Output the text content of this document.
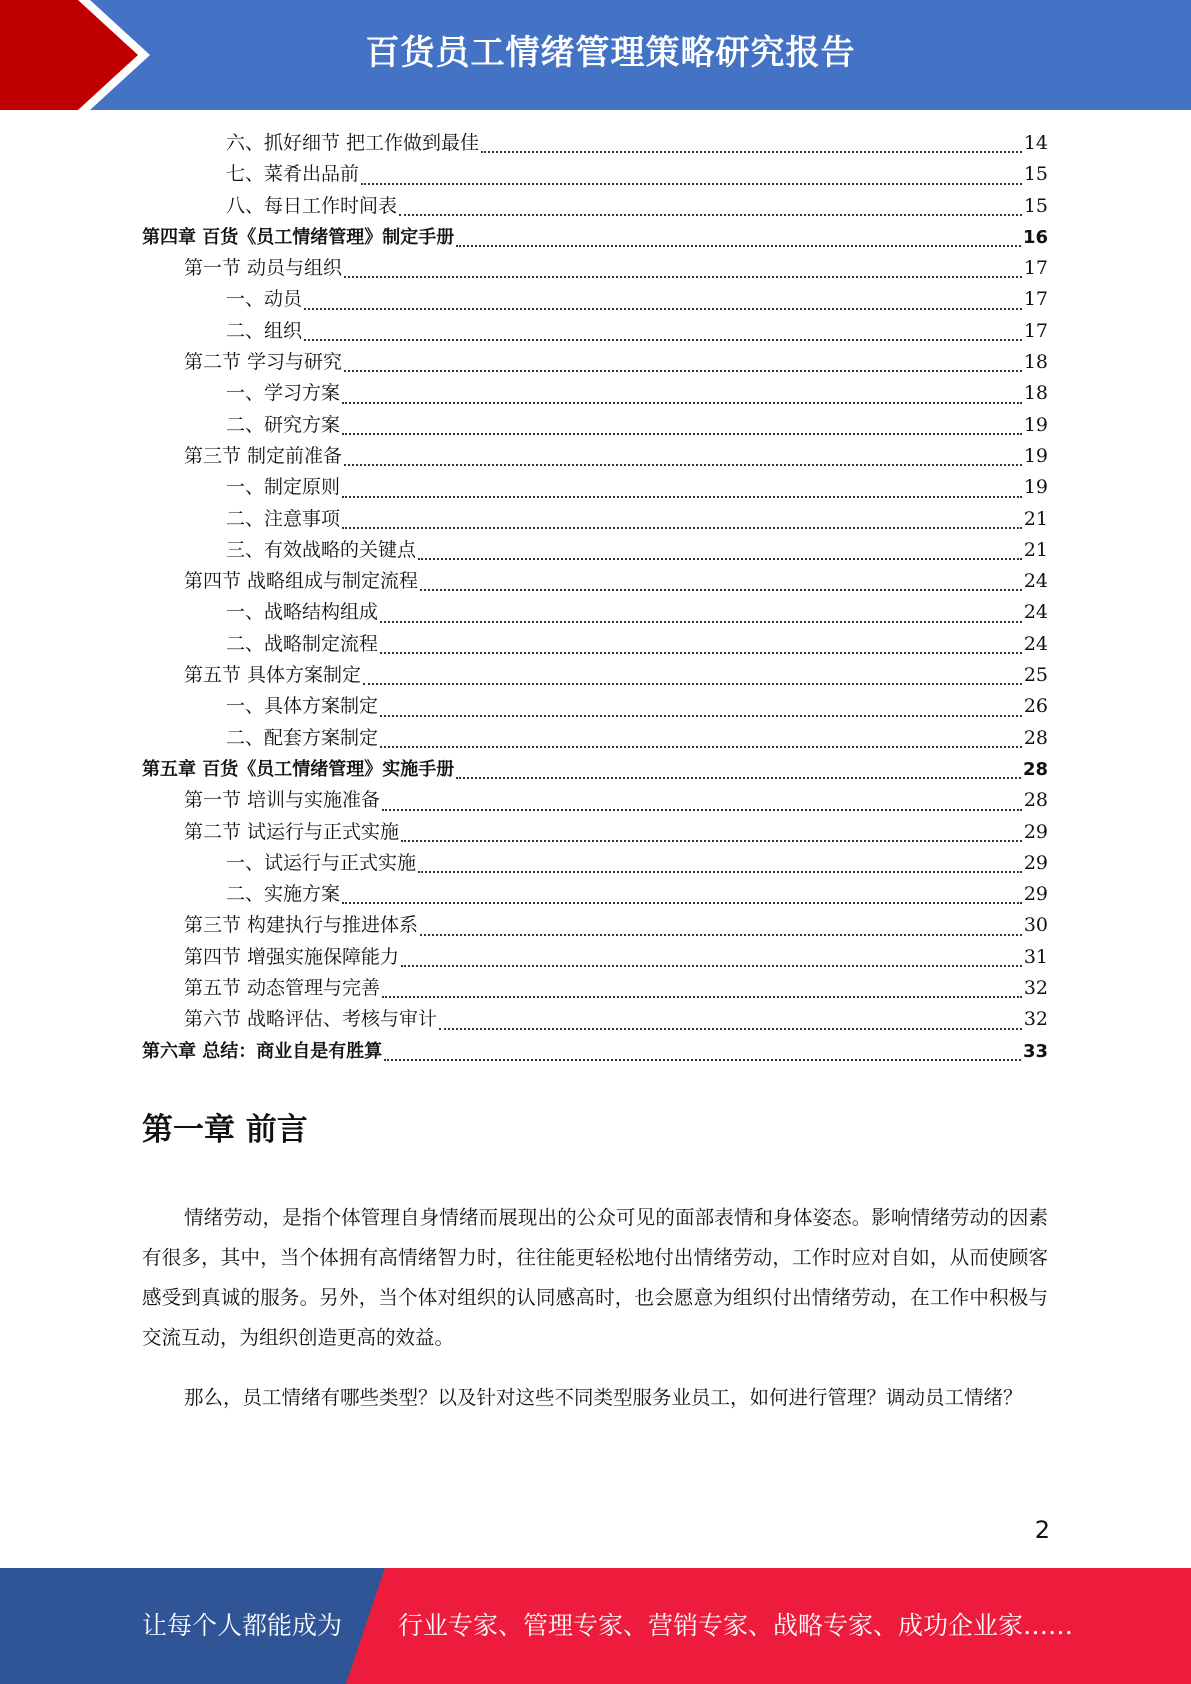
百货员工情绪管理策略研究报告
六、抓好细节 把工作做到最佳	14
七、菜肴出品前	15
八、每日工作时间表	15
第四章 百货《员工情绪管理》制定手册	16
第一节 动员与组织	17
一、动员	17
二、组织	17
第二节 学习与研究	18
一、学习方案	18
二、研究方案	19
第三节 制定前准备	19
一、制定原则	19
二、注意事项	21
三、有效战略的关键点	21
第四节 战略组成与制定流程	24
一、战略结构组成	24
二、战略制定流程	24
第五节 具体方案制定	25
一、具体方案制定	26
二、配套方案制定	28
第五章 百货《员工情绪管理》实施手册	28
第一节 培训与实施准备	28
第二节 试运行与正式实施	29
一、试运行与正式实施	29
二、实施方案	29
第三节 构建执行与推进体系	30
第四节 增强实施保障能力	31
第五节 动态管理与完善	32
第六节 战略评估、考核与审计	32
第六章 总结：商业自是有胜算	33
第一章 前言

情绪劳动，是指个体管理自身情绪而展现出的公众可见的面部表情和身体姿态。影响情绪劳动的因素有很多，其中，当个体拥有高情绪智力时，往往能更轻松地付出情绪劳动，工作时应对自如，从而使顾客感受到真诚的服务。另外，当个体对组织的认同感高时，也会愿意为组织付出情绪劳动，在工作中积极与交流互动，为组织创造更高的效益。

那么，员工情绪有哪些类型？以及针对这些不同类型服务业员工，如何进行管理？调动员工情绪？

2
让每个人都能成为 行业专家、管理专家、营销专家、战略专家、成功企业家……
